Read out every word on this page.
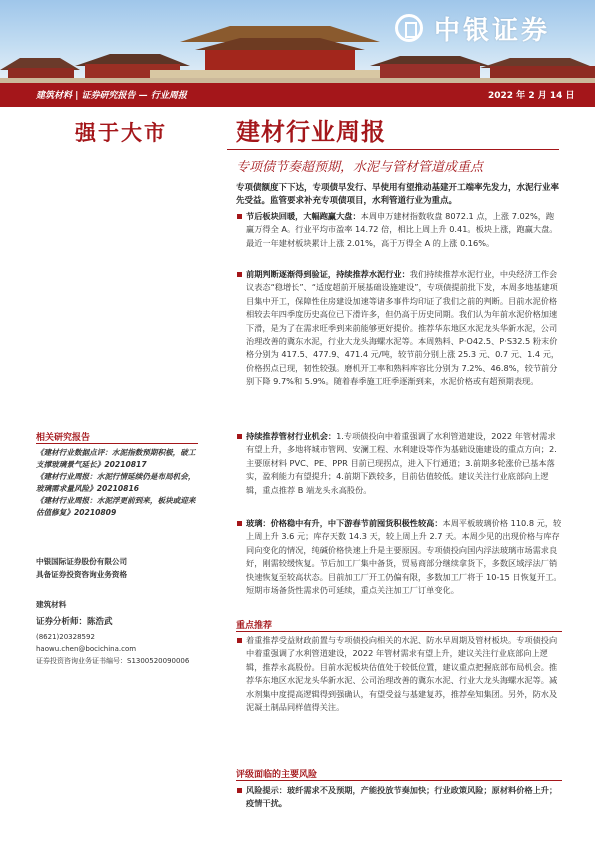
中银证券
建筑材料 | 证券研究报告 — 行业周报	2022 年 2 月 14 日
强于大市	建材行业周报
专项债节奏超预期，水泥与管材管道成重点
专项债额度下下达，专项债早发行、早使用有望推动基建开工端率先发力，水泥行业率先受益。监管要求补充专项债项目，水利管道行业为重点。
节后板块回暖，大幅跑赢大盘：本周申万建材指数收盘 8072.1 点，上涨 7.02%，跑赢万得全 A。行业平均市盈率 14.72 倍，相比上周上升 0.41。板块上涨，跑赢大盘。最近一年建材板块累计上涨 2.01%，高于万得全 A 的上涨 0.16%。
前期判断逐渐得到验证，持续推荐水泥行业：我们持续推荐水泥行业，中央经济工作会议表态“稳增长”、“适度超前开展基础设施建设”，专项债提前批下发，本周多地基建项目集中开工，保障性住房建设加速等诸多事件均印证了我们之前的判断。目前水泥价格相较去年四季度历史高位已下滑许多，但仍高于历史同期。我们认为年前水泥价格加速下滑，是为了在需求旺季到来前能够更好提价。推荐华东地区水泥龙头华新水泥，公司治理改善的冀东水泥，行业大龙头海螺水泥等。本周熟料、P·O42.5、P·S32.5 粉末价格分别为 417.5、477.9、471.4 元/吨，较节前分别上涨 25.3 元、0.7 元、1.4 元，价格拐点已现，韧性较强。磨机开工率和熟料库容比分别为 7.2%、46.8%，较节前分别下降 9.7%和 5.9%。随着春季施工旺季逐渐到来，水泥价格或有超预期表现。
持续推荐管材行业机会：1.专项债投向中着重强调了水利管道建设，2022 年管材需求有望上升，多地将城市管网、安澜工程、水利建设等作为基础设施建设的重点方向；2.主要原材料 PVC、PE、PPR 目前已现拐点，进入下行通道；3.前期多轮涨价已基本落实，盈利能力有望提升；4.前期下跌较多，目前估值较低。建议关注行业底部向上逻辑，重点推荐 B 端龙头永高股份。
玻璃：价格稳中有升，中下游春节前囤货积极性较高：本周平板玻璃价格 110.8 元，较上周上升 3.6 元；库存天数 14.3 天，较上周上升 2.7 天。本周少见的出现价格与库存同向变化的情况，纯碱价格快速上升是主要原因。专项债投向国内浮法玻璃市场需求良好，刚需较缓恢复。节后加工厂集中备货，贸易商部分继续拿货下，多数区域浮法厂销快速恢复至较高状态。目前加工厂开工仍偏有限，多数加工厂将于 10-15 日恢复开工。短期市场备货性需求仍可延续，重点关注加工厂订单变化。
重点推荐
着重推荐受益财政前置与专项债投向相关的水泥、防水早周期及管材板块。专项债投向中着重强调了水利管道建设，2022 年管材需求有望上升，建议关注行业底部向上逻辑，推荐永高股份。目前水泥板块估值处于较低位置，建议重点把握底部布局机会。推荐华东地区水泥龙头华新水泥、公司治理改善的冀东水泥、行业大龙头海螺水泥等。减水剂集中度提高逻辑得到强确认，有望受益与基建复苏，推荐垒知集团。另外，防水及泥凝土制品同样值得关注。
评级面临的主要风险
风险提示：玻纤需求不及预期，产能投放节奏加快；行业政策风险；原材料价格上升；疫情干扰。
相关研究报告
《建材行业数据点评：水泥指数预期积极，破工支撑玻璃景气延长》20210817
《建材行业周报：水泥行情延续仍是布局机会，玻璃需求量风险》20210816
《建材行业周报：水泥浮更前到来，板块或迎来估值修复》20210809
中银国际证券股份有限公司
具备证券投资咨询业务资格
建筑材料
证券分析师：陈浩武
(8621)20328592
haowu.chen@bocichina.com
证券投资咨询业务证书编号：S1300520090006
